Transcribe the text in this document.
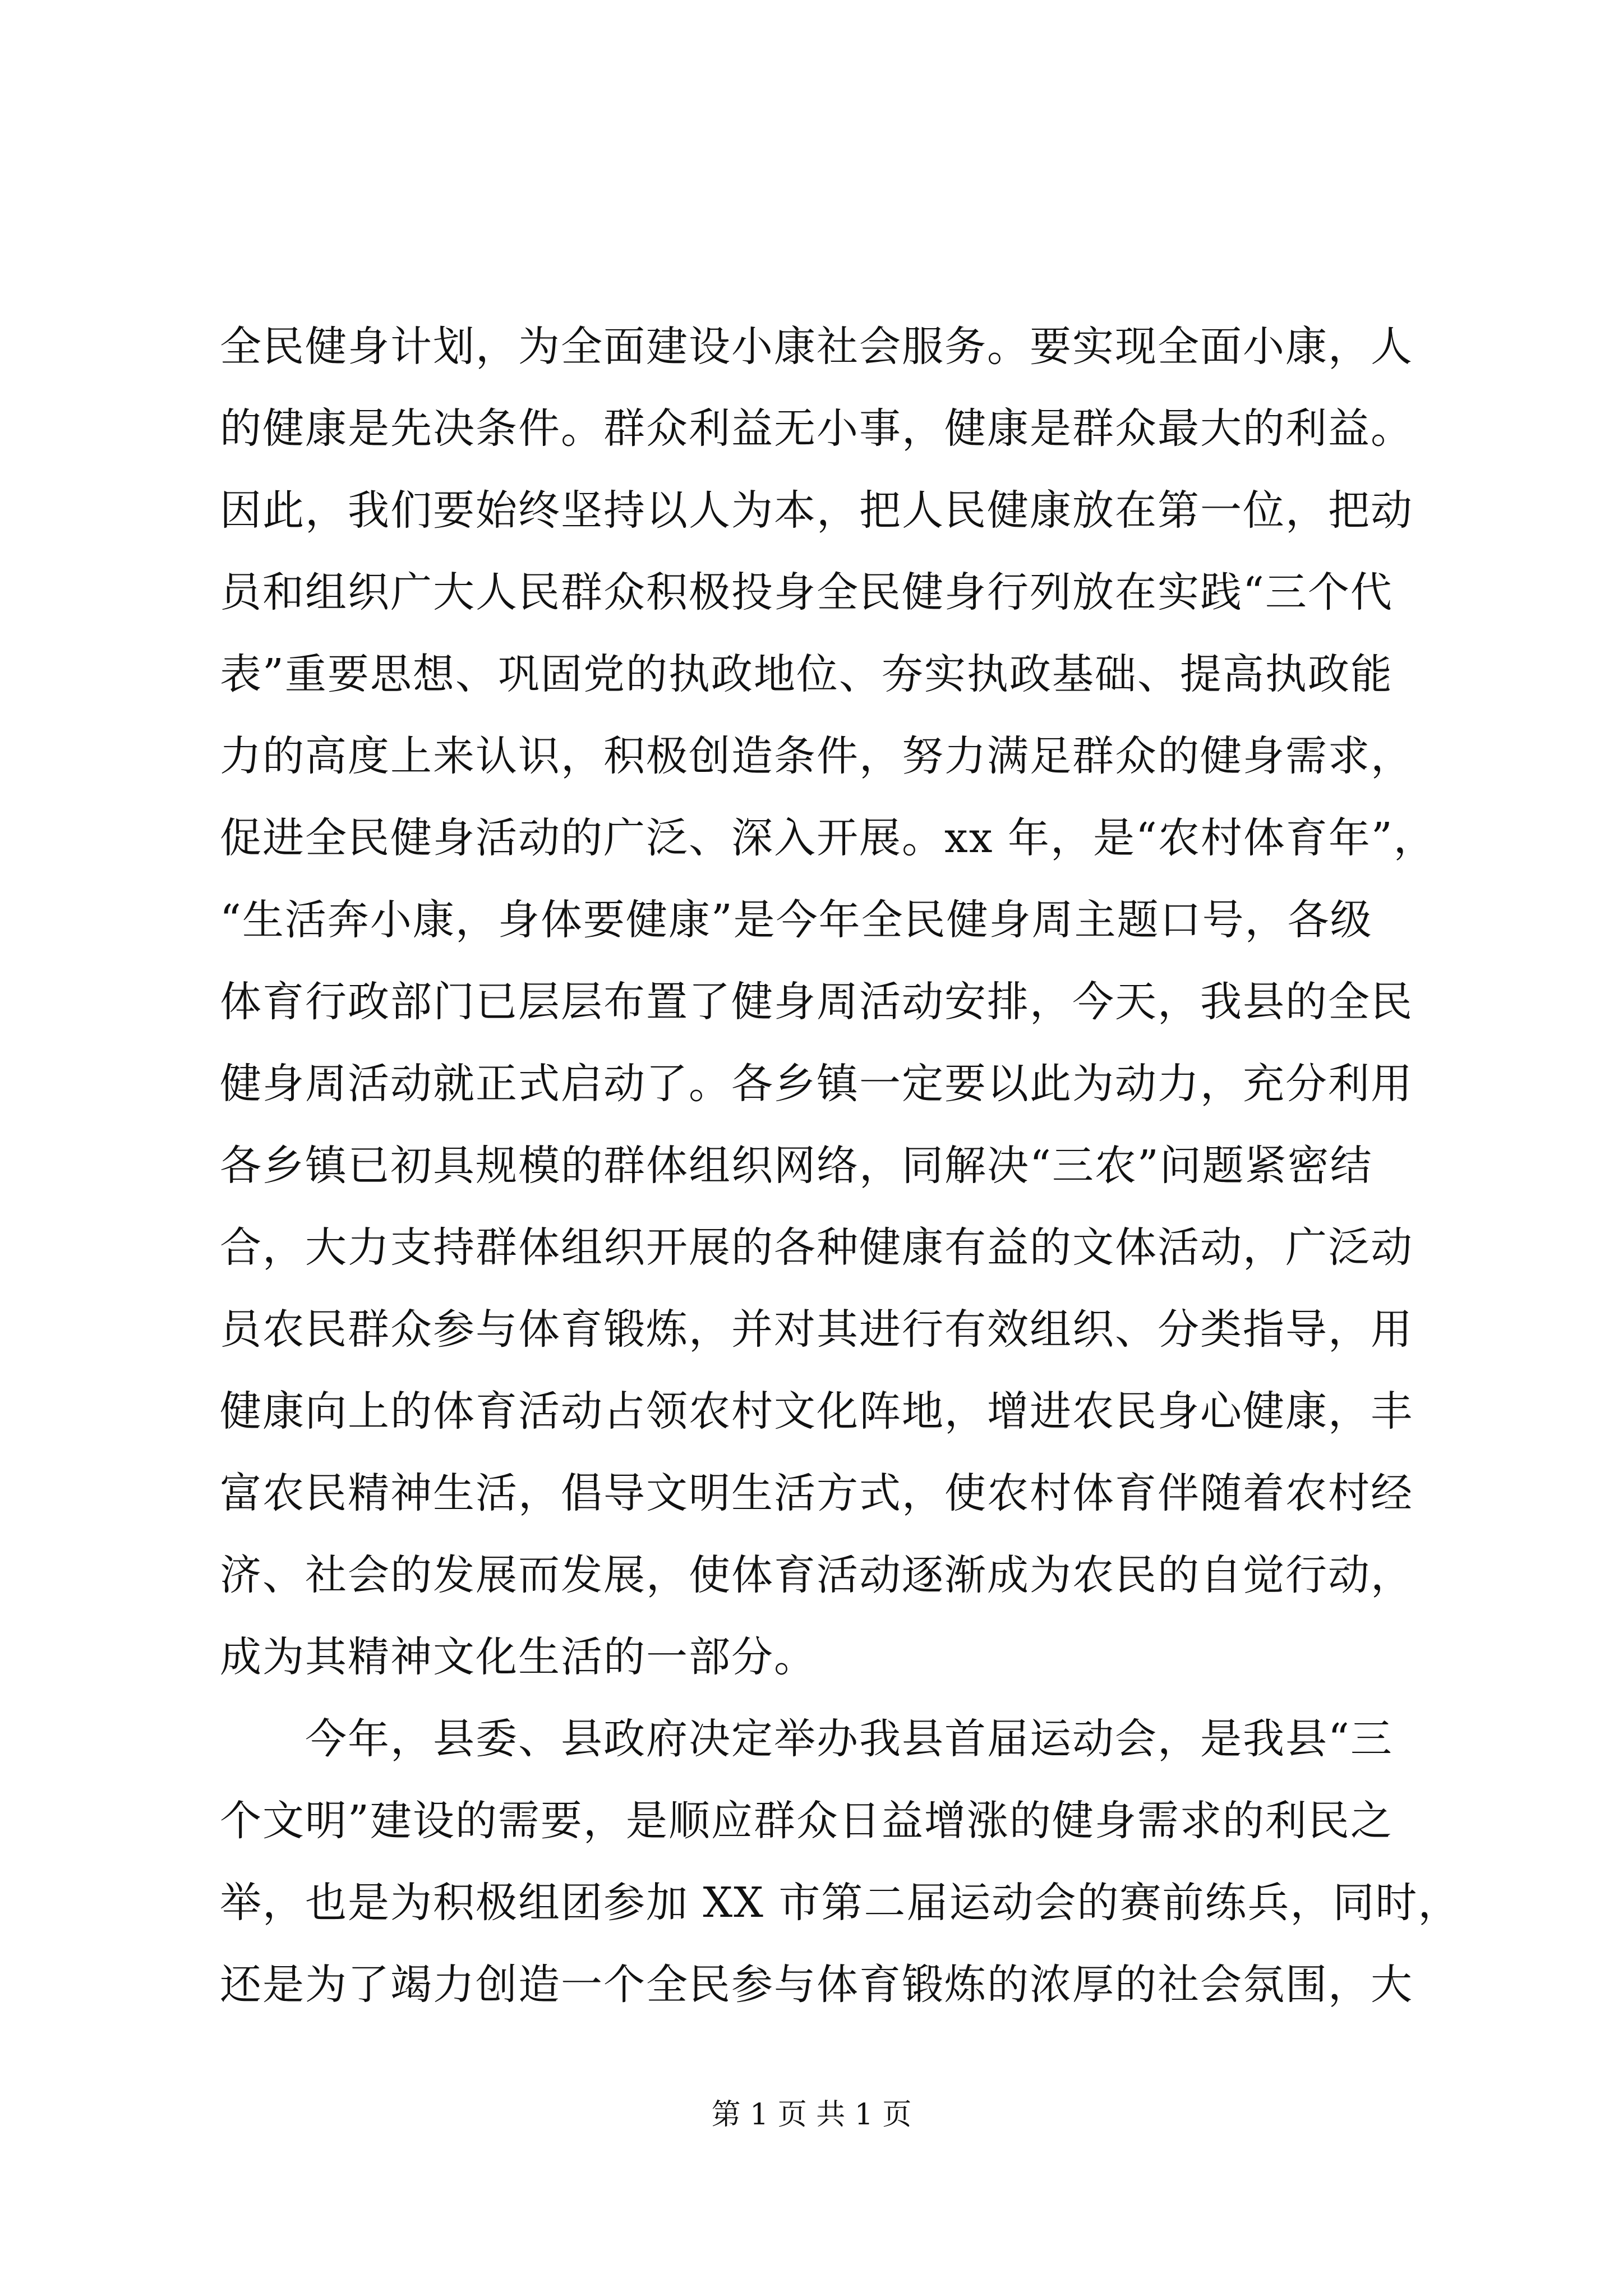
全民健身计划，为全面建设小康社会服务。要实现全面小康，人
的健康是先决条件。群众利益无小事，健康是群众最大的利益。
因此，我们要始终坚持以人为本，把人民健康放在第一位，把动
员和组织广大人民群众积极投身全民健身行列放在实践“三个代
表”重要思想、巩固党的执政地位、夯实执政基础、提高执政能
力的高度上来认识，积极创造条件，努力满足群众的健身需求，
促进全民健身活动的广泛、深入开展。xx 年，是“农村体育年”，
“生活奔小康，身体要健康”是今年全民健身周主题口号，各级
体育行政部门已层层布置了健身周活动安排，今天，我县的全民
健身周活动就正式启动了。各乡镇一定要以此为动力，充分利用
各乡镇已初具规模的群体组织网络，同解决“三农”问题紧密结
合，大力支持群体组织开展的各种健康有益的文体活动，广泛动
员农民群众参与体育锻炼，并对其进行有效组织、分类指导，用
健康向上的体育活动占领农村文化阵地，增进农民身心健康，丰
富农民精神生活，倡导文明生活方式，使农村体育伴随着农村经
济、社会的发展而发展，使体育活动逐渐成为农民的自觉行动，
成为其精神文化生活的一部分。
　　今年，县委、县政府决定举办我县首届运动会，是我县“三
个文明”建设的需要，是顺应群众日益增涨的健身需求的利民之
举，也是为积极组团参加 XX 市第二届运动会的赛前练兵，同时，
还是为了竭力创造一个全民参与体育锻炼的浓厚的社会氛围，大
第 1 页 共 1 页
